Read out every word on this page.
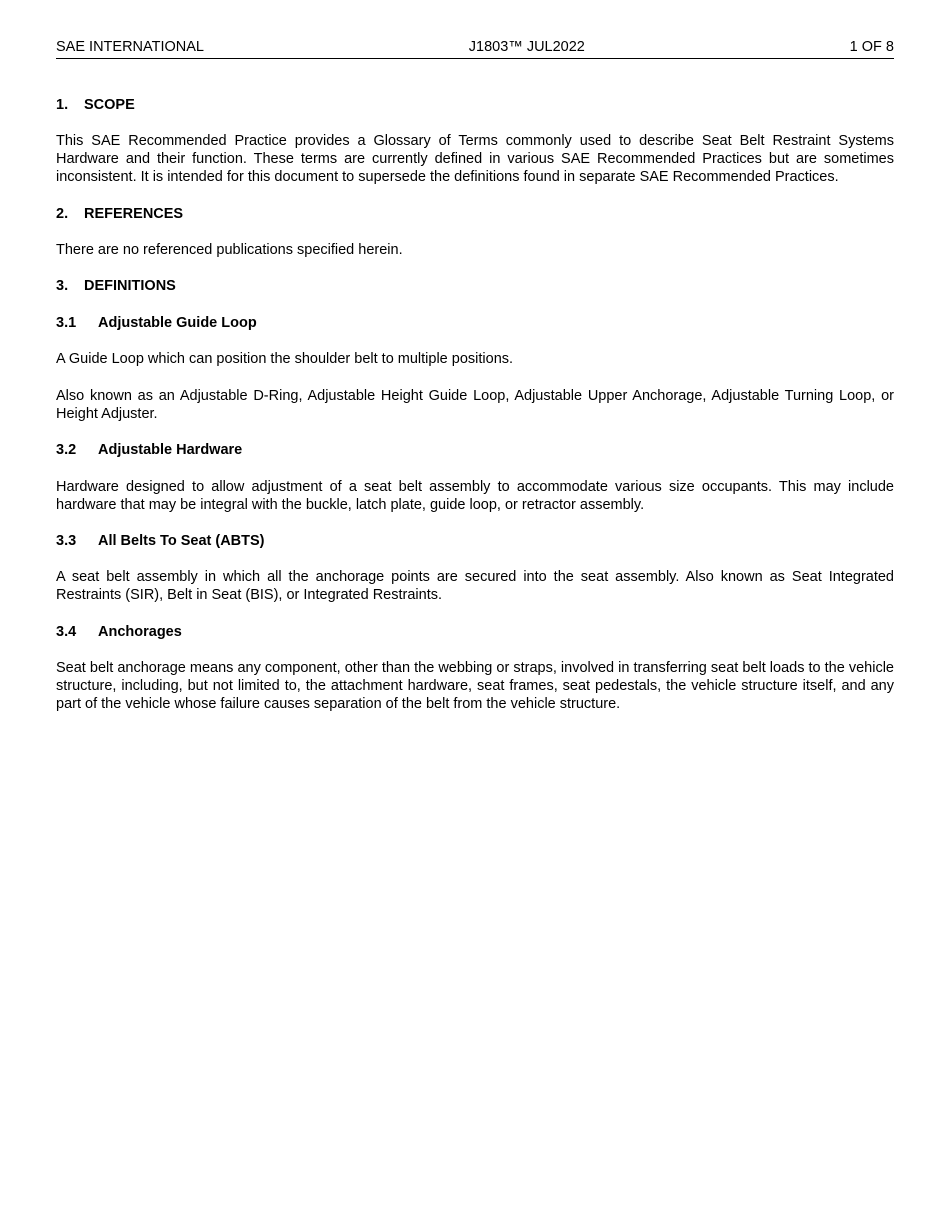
SAE INTERNATIONAL	J1803™ JUL2022	1 OF 8
1.	SCOPE

This SAE Recommended Practice provides a Glossary of Terms commonly used to describe Seat Belt Restraint Systems Hardware and their function. These terms are currently defined in various SAE Recommended Practices but are sometimes inconsistent. It is intended for this document to supersede the definitions found in separate SAE Recommended Practices.

2.	REFERENCES

There are no referenced publications specified herein.

3.	DEFINITIONS
3.1	Adjustable Guide Loop

A Guide Loop which can position the shoulder belt to multiple positions.

Also known as an Adjustable D-Ring, Adjustable Height Guide Loop, Adjustable Upper Anchorage, Adjustable Turning Loop, or Height Adjuster.

3.2	Adjustable Hardware

Hardware designed to allow adjustment of a seat belt assembly to accommodate various size occupants. This may include hardware that may be integral with the buckle, latch plate, guide loop, or retractor assembly.

3.3	All Belts To Seat (ABTS)

A seat belt assembly in which all the anchorage points are secured into the seat assembly. Also known as Seat Integrated Restraints (SIR), Belt in Seat (BIS), or Integrated Restraints.

3.4	Anchorages

Seat belt anchorage means any component, other than the webbing or straps, involved in transferring seat belt loads to the vehicle structure, including, but not limited to, the attachment hardware, seat frames, seat pedestals, the vehicle structure itself, and any part of the vehicle whose failure causes separation of the belt from the vehicle structure.
